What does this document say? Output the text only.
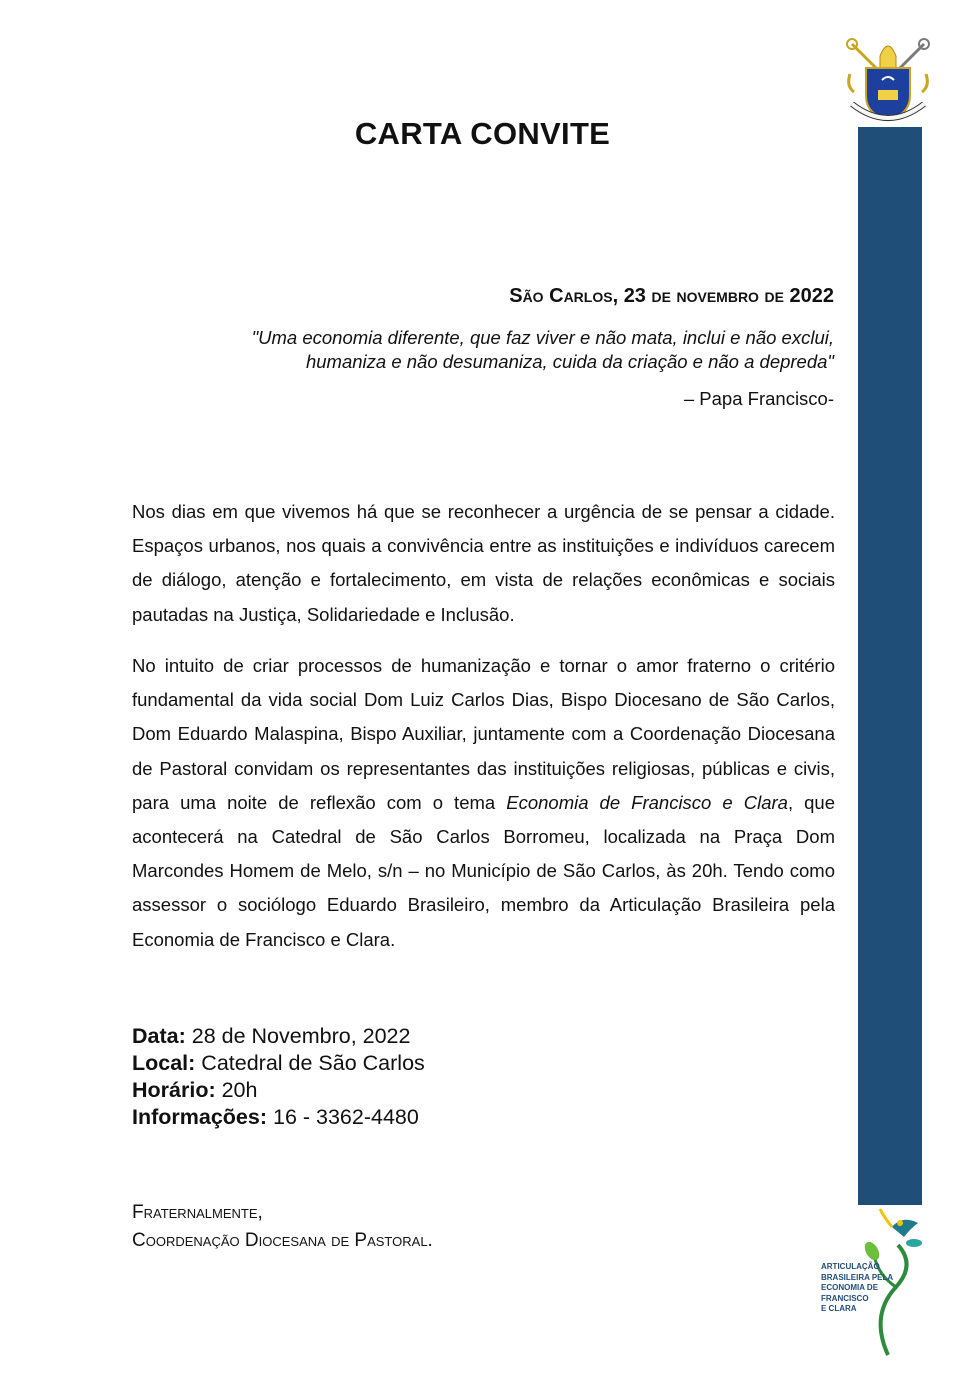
CARTA CONVITE
São Carlos, 23 de novembro de 2022
"Uma economia diferente, que faz viver e não mata, inclui e não exclui, humaniza e não desumaniza, cuida da criação e não a depreda"
– Papa Francisco-

Nos dias em que vivemos há que se reconhecer a urgência de se pensar a cidade. Espaços urbanos, nos quais a convivência entre as instituições e indivíduos carecem de diálogo, atenção e fortalecimento, em vista de relações econômicas e sociais pautadas na Justiça, Solidariedade e Inclusão.

No intuito de criar processos de humanização e tornar o amor fraterno o critério fundamental da vida social Dom Luiz Carlos Dias, Bispo Diocesano de São Carlos, Dom Eduardo Malaspina, Bispo Auxiliar, juntamente com a Coordenação Diocesana de Pastoral convidam os representantes das instituições religiosas, públicas e civis, para uma noite de reflexão com o tema Economia de Francisco e Clara, que acontecerá na Catedral de São Carlos Borromeu, localizada na Praça Dom Marcondes Homem de Melo, s/n – no Município de São Carlos, às 20h. Tendo como assessor o sociólogo Eduardo Brasileiro, membro da Articulação Brasileira pela Economia de Francisco e Clara.

Data: 28 de Novembro, 2022
Local: Catedral de São Carlos
Horário: 20h
Informações: 16 - 3362-4480
Fraternalmente,
Coordenação Diocesana de Pastoral.
ARTICULAÇÃO
BRASILEIRA PELA
ECONOMIA DE
FRANCISCO
E CLARA
